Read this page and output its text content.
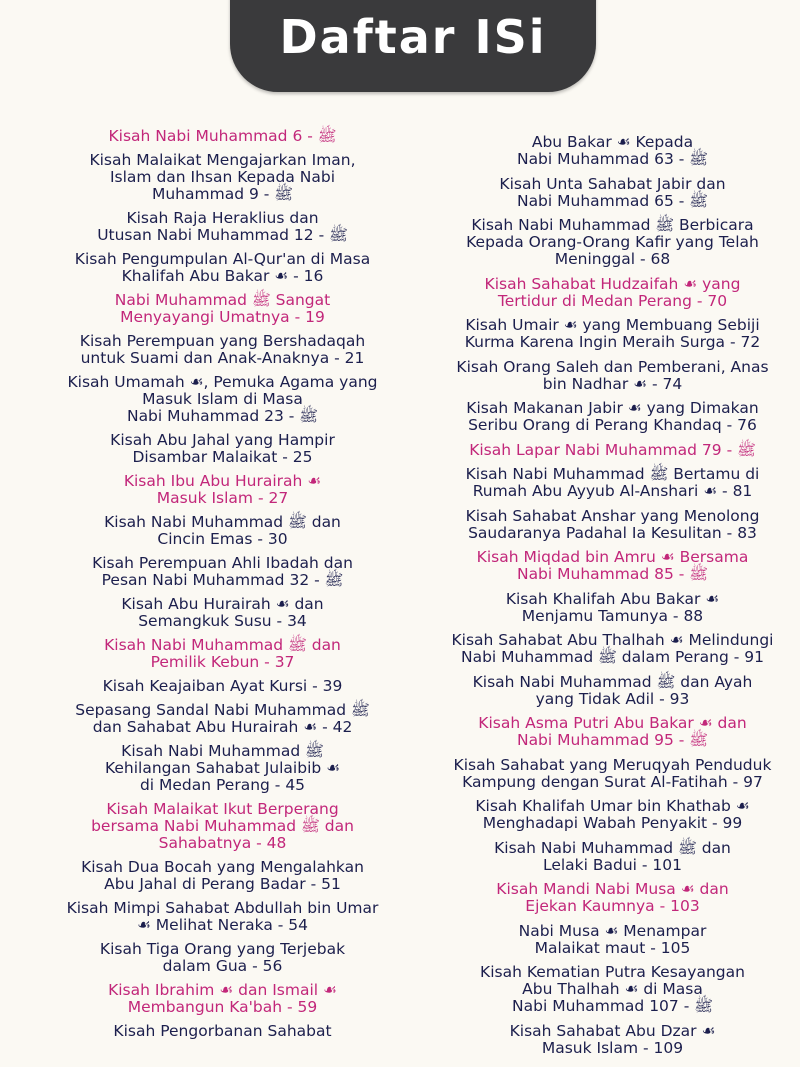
Daftar ISi
Kisah Nabi Muhammad ﷺ - 6
Kisah Malaikat Mengajarkan Iman,
Islam dan Ihsan Kepada Nabi
Muhammad ﷺ - 9
Kisah Raja Heraklius dan
Utusan Nabi Muhammad ﷺ - 12
Kisah Pengumpulan Al-Qur'an di Masa
Khalifah Abu Bakar ☙ - 16
Nabi Muhammad ﷺ Sangat
Menyayangi Umatnya - 19
Kisah Perempuan yang Bershadaqah
untuk Suami dan Anak-Anaknya - 21
Kisah Umamah ☙, Pemuka Agama yang
Masuk Islam di Masa
Nabi Muhammad ﷺ - 23
Kisah Abu Jahal yang Hampir
Disambar Malaikat - 25
Kisah Ibu Abu Hurairah ☙
Masuk Islam - 27
Kisah Nabi Muhammad ﷺ dan
Cincin Emas - 30
Kisah Perempuan Ahli Ibadah dan
Pesan Nabi Muhammad ﷺ - 32
Kisah Abu Hurairah ☙ dan
Semangkuk Susu - 34
Kisah Nabi Muhammad ﷺ dan
Pemilik Kebun - 37
Kisah Keajaiban Ayat Kursi - 39
Sepasang Sandal Nabi Muhammad ﷺ
dan Sahabat Abu Hurairah ☙ - 42
Kisah Nabi Muhammad ﷺ
Kehilangan Sahabat Julaibib ☙
di Medan Perang - 45
Kisah Malaikat Ikut Berperang
bersama Nabi Muhammad ﷺ dan
Sahabatnya - 48
Kisah Dua Bocah yang Mengalahkan
Abu Jahal di Perang Badar - 51
Kisah Mimpi Sahabat Abdullah bin Umar
☙ Melihat Neraka - 54
Kisah Tiga Orang yang Terjebak
dalam Gua - 56
Kisah Ibrahim ☙ dan Ismail ☙
Membangun Ka'bah - 59
Kisah Pengorbanan Sahabat
Abu Bakar ☙ Kepada
Nabi Muhammad ﷺ - 63
Kisah Unta Sahabat Jabir dan
Nabi Muhammad ﷺ - 65
Kisah Nabi Muhammad ﷺ Berbicara
Kepada Orang-Orang Kafir yang Telah
Meninggal - 68
Kisah Sahabat Hudzaifah ☙ yang
Tertidur di Medan Perang - 70
Kisah Umair ☙ yang Membuang Sebiji
Kurma Karena Ingin Meraih Surga - 72
Kisah Orang Saleh dan Pemberani, Anas
bin Nadhar ☙ - 74
Kisah Makanan Jabir ☙ yang Dimakan
Seribu Orang di Perang Khandaq - 76
Kisah Lapar Nabi Muhammad ﷺ - 79
Kisah Nabi Muhammad ﷺ Bertamu di
Rumah Abu Ayyub Al-Anshari ☙ - 81
Kisah Sahabat Anshar yang Menolong
Saudaranya Padahal Ia Kesulitan - 83
Kisah Miqdad bin Amru ☙ Bersama
Nabi Muhammad ﷺ - 85
Kisah Khalifah Abu Bakar ☙
Menjamu Tamunya - 88
Kisah Sahabat Abu Thalhah ☙ Melindungi
Nabi Muhammad ﷺ dalam Perang - 91
Kisah Nabi Muhammad ﷺ dan Ayah
yang Tidak Adil - 93
Kisah Asma Putri Abu Bakar ☙ dan
Nabi Muhammad ﷺ - 95
Kisah Sahabat yang Meruqyah Penduduk
Kampung dengan Surat Al-Fatihah - 97
Kisah Khalifah Umar bin Khathab ☙
Menghadapi Wabah Penyakit - 99
Kisah Nabi Muhammad ﷺ dan
Lelaki Badui - 101
Kisah Mandi Nabi Musa ☙ dan
Ejekan Kaumnya - 103
Nabi Musa ☙ Menampar
Malaikat maut - 105
Kisah Kematian Putra Kesayangan
Abu Thalhah ☙ di Masa
Nabi Muhammad ﷺ - 107
Kisah Sahabat Abu Dzar ☙
Masuk Islam - 109
